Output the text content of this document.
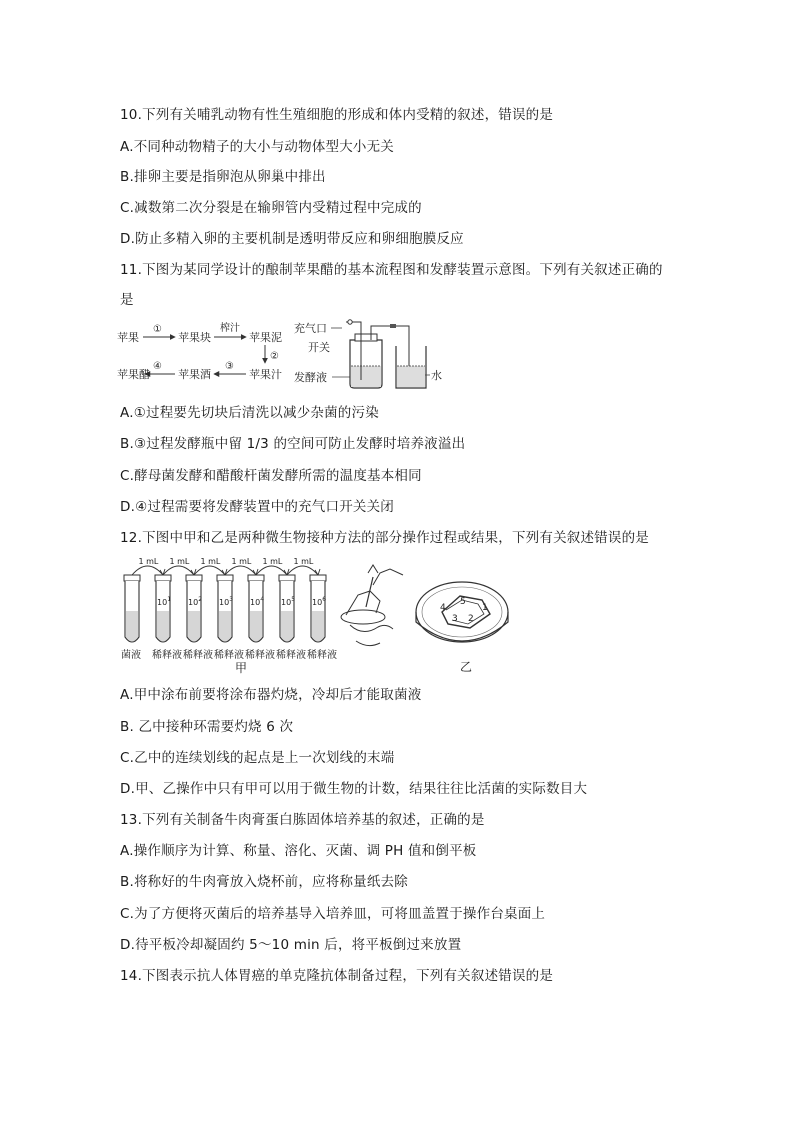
10.下列有关哺乳动物有性生殖细胞的形成和体内受精的叙述，错误的是
A.不同种动物精子的大小与动物体型大小无关
B.排卵主要是指卵泡从卵巢中排出
C.减数第二次分裂是在输卵管内受精过程中完成的
D.防止多精入卵的主要机制是透明带反应和卵细胞膜反应
11.下图为某同学设计的酿制苹果醋的基本流程图和发酵装置示意图。下列有关叙述正确的
是
苹果
①
苹果块
榨汁
苹果泥
②
苹果汁
③
苹果酒
④
苹果醋
充气口
开关
发酵液	水
A.①过程要先切块后清洗以减少杂菌的污染
B.③过程发酵瓶中留 1/3 的空间可防止发酵时培养液溢出
C.酵母菌发酵和醋酸杆菌发酵所需的温度基本相同
D.④过程需要将发酵装置中的充气口开关关闭
12.下图中甲和乙是两种微生物接种方法的部分操作过程或结果，下列有关叙述错误的是
菌液
1 mL
$10^1$
稀释液
1 mL
$10^2$
稀释液
1 mL
$10^3$
稀释液
1 mL
$10^4$
稀释液
1 mL
$10^5$
稀释液
1 mL
$10^6$
稀释液
甲
5
4
3 2
1
乙
A.甲中涂布前要将涂布器灼烧，冷却后才能取菌液
B. 乙中接种环需要灼烧 6 次
C.乙中的连续划线的起点是上一次划线的末端
D.甲、乙操作中只有甲可以用于微生物的计数，结果往往比活菌的实际数目大
13.下列有关制备牛肉膏蛋白胨固体培养基的叙述，正确的是
A.操作顺序为计算、称量、溶化、灭菌、调 PH 值和倒平板
B.将称好的牛肉膏放入烧杯前，应将称量纸去除
C.为了方便将灭菌后的培养基导入培养皿，可将皿盖置于操作台桌面上
D.待平板冷却凝固约 5～10 min 后，将平板倒过来放置
14.下图表示抗人体胃癌的单克隆抗体制备过程，下列有关叙述错误的是
